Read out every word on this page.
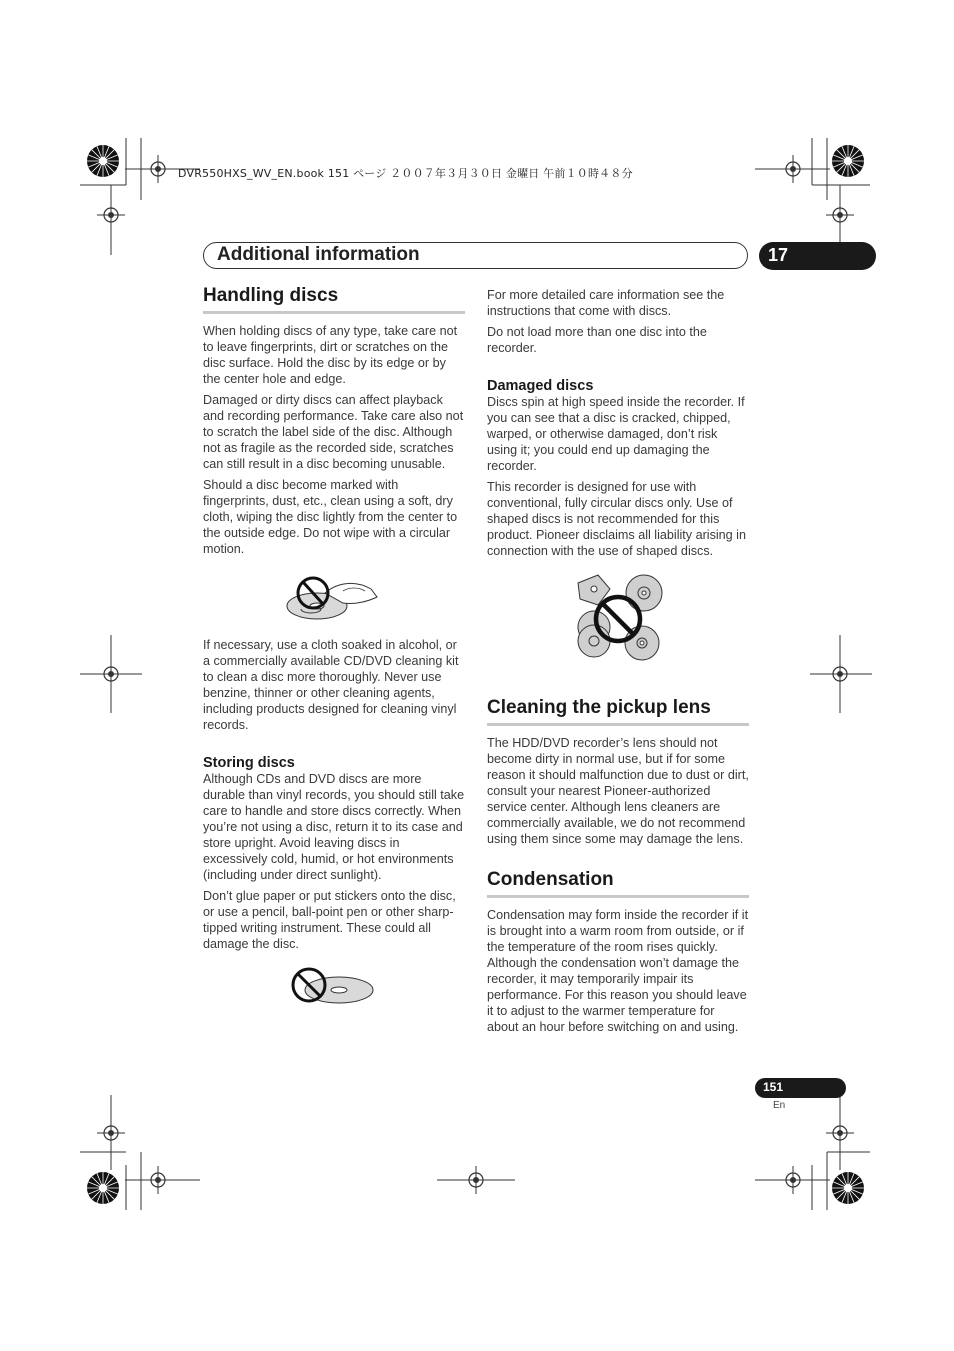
DVR550HXS_WV_EN.book 151 ページ ２００７年３月３０日 金曜日 午前１０時４８分
Additional information	17
Handling discs

When holding discs of any type, take care not to leave fingerprints, dirt or scratches on the disc surface. Hold the disc by its edge or by the center hole and edge.

Damaged or dirty discs can affect playback and recording performance. Take care also not to scratch the label side of the disc. Although not as fragile as the recorded side, scratches can still result in a disc becoming unusable.

Should a disc become marked with fingerprints, dust, etc., clean using a soft, dry cloth, wiping the disc lightly from the center to the outside edge. Do not wipe with a circular motion.

If necessary, use a cloth soaked in alcohol, or a commercially available CD/DVD cleaning kit to clean a disc more thoroughly. Never use benzine, thinner or other cleaning agents, including products designed for cleaning vinyl records.

Storing discs

Although CDs and DVD discs are more durable than vinyl records, you should still take care to handle and store discs correctly. When you’re not using a disc, return it to its case and store upright. Avoid leaving discs in excessively cold, humid, or hot environments (including under direct sunlight).

Don’t glue paper or put stickers onto the disc, or use a pencil, ball-point pen or other sharp-tipped writing instrument. These could all damage the disc.

For more detailed care information see the instructions that come with discs.

Do not load more than one disc into the recorder.

Damaged discs

Discs spin at high speed inside the recorder. If you can see that a disc is cracked, chipped, warped, or otherwise damaged, don’t risk using it; you could end up damaging the recorder.

This recorder is designed for use with conventional, fully circular discs only. Use of shaped discs is not recommended for this product. Pioneer disclaims all liability arising in connection with the use of shaped discs.

Cleaning the pickup lens

The HDD/DVD recorder’s lens should not become dirty in normal use, but if for some reason it should malfunction due to dust or dirt, consult your nearest Pioneer-authorized service center. Although lens cleaners are commercially available, we do not recommend using them since some may damage the lens.

Condensation

Condensation may form inside the recorder if it is brought into a warm room from outside, or if the temperature of the room rises quickly. Although the condensation won’t damage the recorder, it may temporarily impair its performance. For this reason you should leave it to adjust to the warmer temperature for about an hour before switching on and using.

151
En
